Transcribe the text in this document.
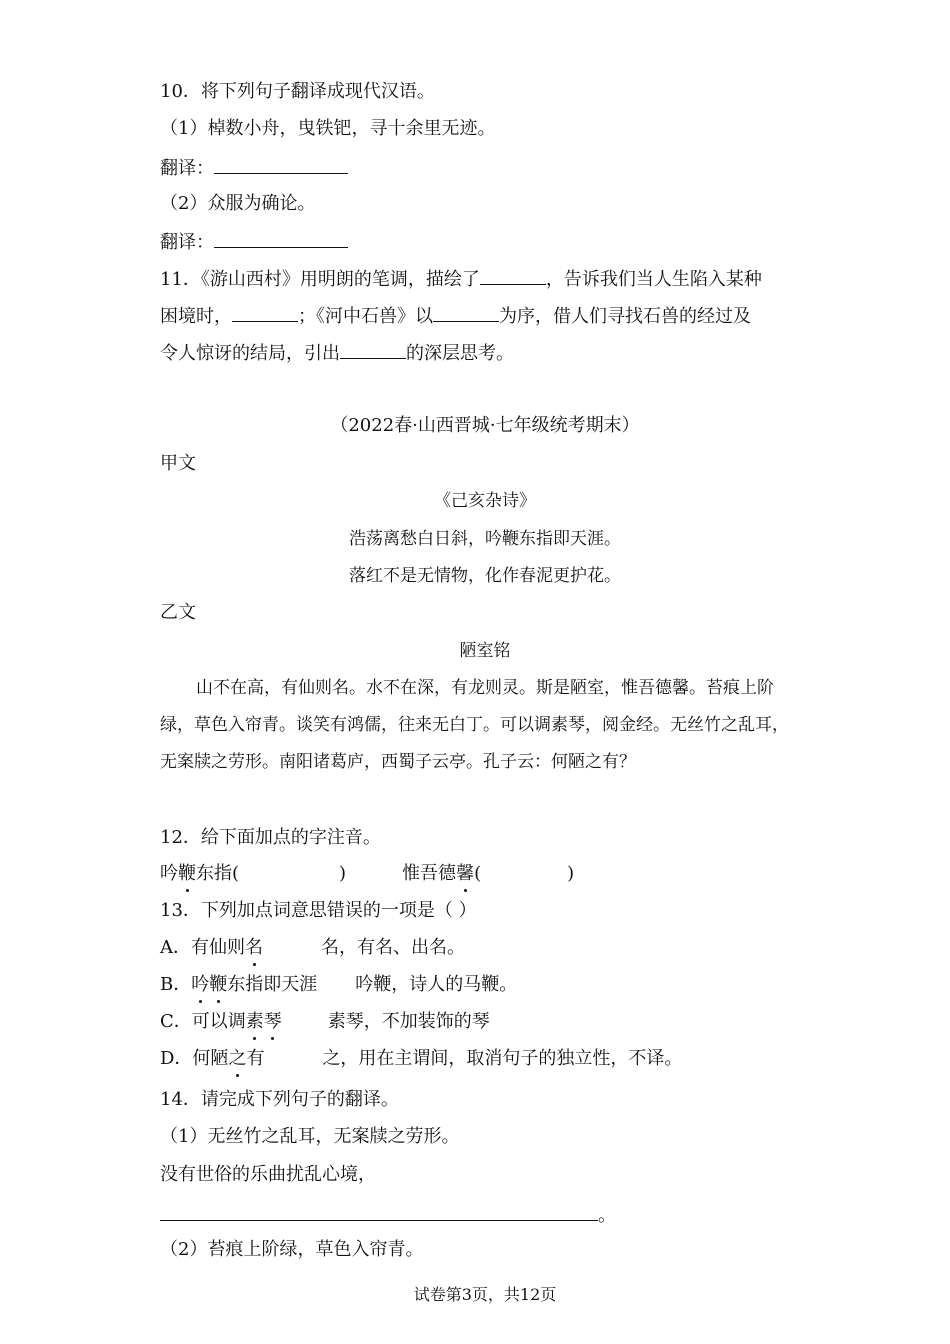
10．将下列句子翻译成现代汉语。
（1）棹数小舟，曳铁钯，寻十余里无迹。
翻译：
（2）众服为确论。
翻译：
11．《游山西村》用明朗的笔调，描绘了	，告诉我们当人生陷入某种
困境时，	；《河中石兽》以	为序，借人们寻找石兽的经过及
令人惊讶的结局，引出	的深层思考。
（2022春·山西晋城·七年级统考期末）
甲文
《己亥杂诗》
浩荡离愁白日斜，吟鞭东指即天涯。
落红不是无情物，化作春泥更护花。
乙文
陋室铭
山不在高，有仙则名。水不在深，有龙则灵。斯是陋室，惟吾德馨。苔痕上阶绿，草色入帘青。谈笑有鸿儒，往来无白丁。可以调素琴，阅金经。无丝竹之乱耳，无案牍之劳形。南阳诸葛庐，西蜀子云亭。孔子云：何陋之有？
12．给下面加点的字注音。
吟鞭东指(	)	惟吾德馨(	)
13．下列加点词意思错误的一项是（ ）
A．有仙则名	名，有名、出名。
B．吟鞭东指即天涯 吟鞭，诗人的马鞭。
C．可以调素琴	素琴，不加装饰的琴
D．何陋之有	之，用在主谓间，取消句子的独立性，不译。
14．请完成下列句子的翻译。
（1）无丝竹之乱耳，无案牍之劳形。
没有世俗的乐曲扰乱心境，
。
（2）苔痕上阶绿，草色入帘青。
试卷第3页，共12页
